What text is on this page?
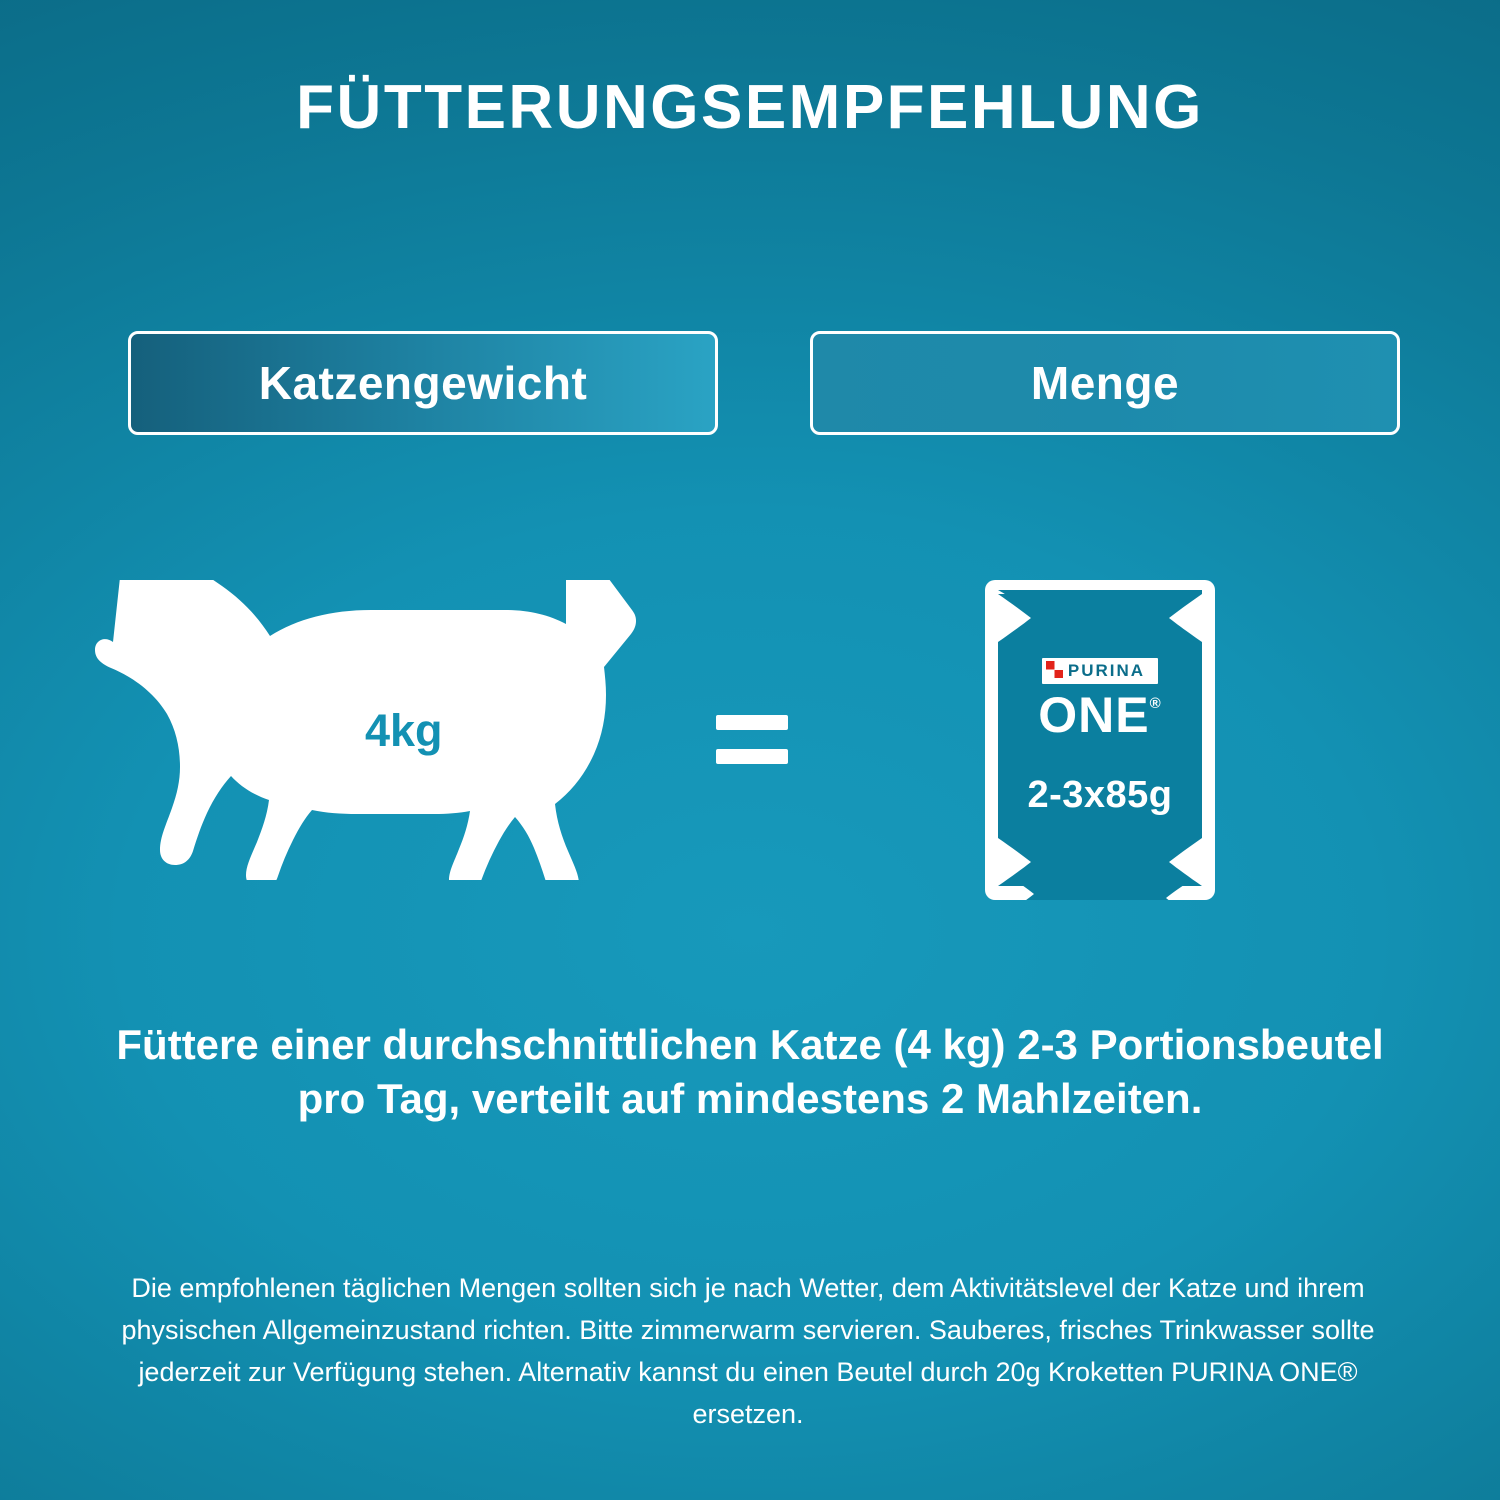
FÜTTERUNGSEMPFEHLUNG
Katzengewicht	Menge
4kg
PURINA
ONE®
2-3x85g
Füttere einer durchschnittlichen Katze (4 kg) 2-3 Portionsbeutel pro Tag, verteilt auf mindestens 2 Mahlzeiten.
Die empfohlenen täglichen Mengen sollten sich je nach Wetter, dem Aktivitätslevel der Katze und ihrem physischen Allgemeinzustand richten. Bitte zimmerwarm servieren. Sauberes, frisches Trinkwasser sollte jederzeit zur Verfügung stehen. Alternativ kannst du einen Beutel durch 20g Kroketten PURINA ONE® ersetzen.
